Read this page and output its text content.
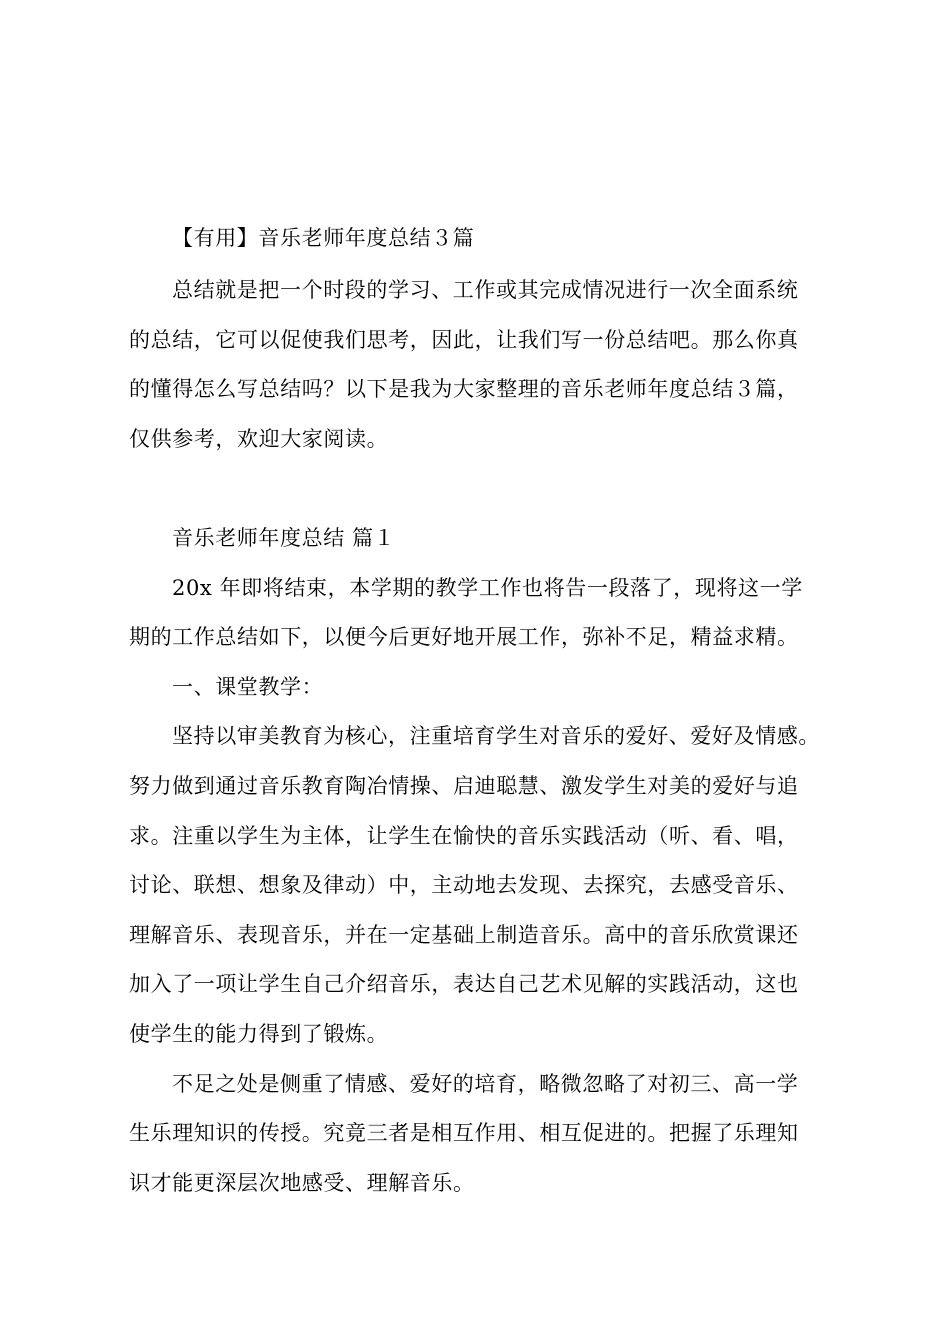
【有用】音乐老师年度总结３篇

总结就是把一个时段的学习、工作或其完成情况进行一次全面系统

的总结，它可以促使我们思考，因此，让我们写一份总结吧。那么你真

的懂得怎么写总结吗？以下是我为大家整理的音乐老师年度总结３篇，

仅供参考，欢迎大家阅读。

音乐老师年度总结 篇１

20x 年即将结束，本学期的教学工作也将告一段落了，现将这一学

期的工作总结如下，以便今后更好地开展工作，弥补不足，精益求精。

一、课堂教学：

坚持以审美教育为核心，注重培育学生对音乐的爱好、爱好及情感。

努力做到通过音乐教育陶冶情操、启迪聪慧、激发学生对美的爱好与追

求。注重以学生为主体，让学生在愉快的音乐实践活动（听、看、唱，

讨论、联想、想象及律动）中，主动地去发现、去探究，去感受音乐、

理解音乐、表现音乐，并在一定基础上制造音乐。高中的音乐欣赏课还

加入了一项让学生自己介绍音乐，表达自己艺术见解的实践活动，这也

使学生的能力得到了锻炼。

不足之处是侧重了情感、爱好的培育，略微忽略了对初三、高一学

生乐理知识的传授。究竟三者是相互作用、相互促进的。把握了乐理知

识才能更深层次地感受、理解音乐。
